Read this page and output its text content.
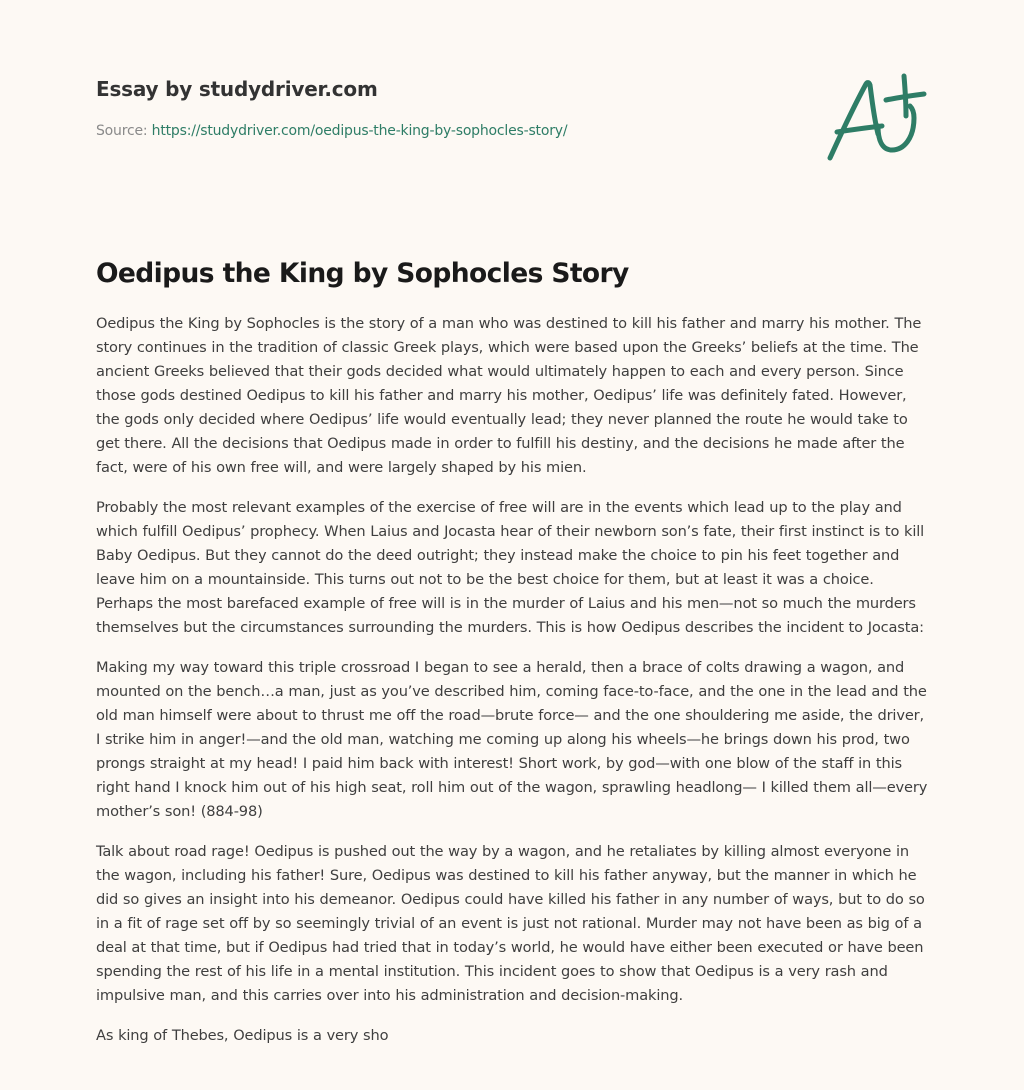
Essay by studydriver.com
Source: https://studydriver.com/oedipus-the-king-by-sophocles-story/
Oedipus the King by Sophocles Story

Oedipus the King by Sophocles is the story of a man who was destined to kill his father and marry his mother. The story continues in the tradition of classic Greek plays, which were based upon the Greeks’ beliefs at the time. The ancient Greeks believed that their gods decided what would ultimately happen to each and every person. Since those gods destined Oedipus to kill his father and marry his mother, Oedipus’ life was definitely fated. However, the gods only decided where Oedipus’ life would eventually lead; they never planned the route he would take to get there. All the decisions that Oedipus made in order to fulfill his destiny, and the decisions he made after the fact, were of his own free will, and were largely shaped by his mien.

Probably the most relevant examples of the exercise of free will are in the events which lead up to the play and which fulfill Oedipus’ prophecy. When Laius and Jocasta hear of their newborn son’s fate, their first instinct is to kill Baby Oedipus. But they cannot do the deed outright; they instead make the choice to pin his feet together and leave him on a mountainside. This turns out not to be the best choice for them, but at least it was a choice. Perhaps the most barefaced example of free will is in the murder of Laius and his men—not so much the murders themselves but the circumstances surrounding the murders. This is how Oedipus describes the incident to Jocasta:

Making my way toward this triple crossroad I began to see a herald, then a brace of colts drawing a wagon, and mounted on the bench…a man, just as you’ve described him, coming face-to-face, and the one in the lead and the old man himself were about to thrust me off the road—brute force— and the one shouldering me aside, the driver, I strike him in anger!—and the old man, watching me coming up along his wheels—he brings down his prod, two prongs straight at my head! I paid him back with interest! Short work, by god—with one blow of the staff in this right hand I knock him out of his high seat, roll him out of the wagon, sprawling headlong— I killed them all—every mother’s son! (884-98)

Talk about road rage! Oedipus is pushed out the way by a wagon, and he retaliates by killing almost everyone in the wagon, including his father! Sure, Oedipus was destined to kill his father anyway, but the manner in which he did so gives an insight into his demeanor. Oedipus could have killed his father in any number of ways, but to do so in a fit of rage set off by so seemingly trivial of an event is just not rational. Murder may not have been as big of a deal at that time, but if Oedipus had tried that in today’s world, he would have either been executed or have been spending the rest of his life in a mental institution. This incident goes to show that Oedipus is a very rash and impulsive man, and this carries over into his administration and decision-making.

As king of Thebes, Oedipus is a very sho
